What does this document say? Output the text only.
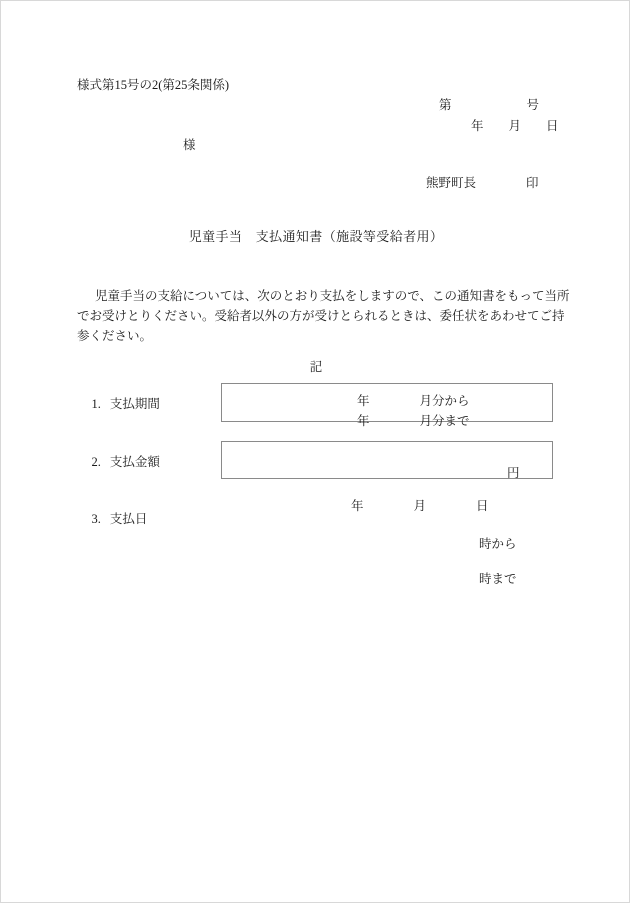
様式第15号の2(第25条関係)
第　　　　　　号
年　　月　　日
様
熊野町長　　　　印
児童手当　支払通知書（施設等受給者用）
児童手当の支給については、次のとおり支払をしますので、この通知書をもって当所
でお受けとりください。受給者以外の方が受けとられるときは、委任状をあわせてご持
参ください。
記

1. 支払期間
	年　　　　月分から
年　　　　月分まで

2. 支払金額

円

3. 支払日

年　　　　月　　　　日
時から
時まで
